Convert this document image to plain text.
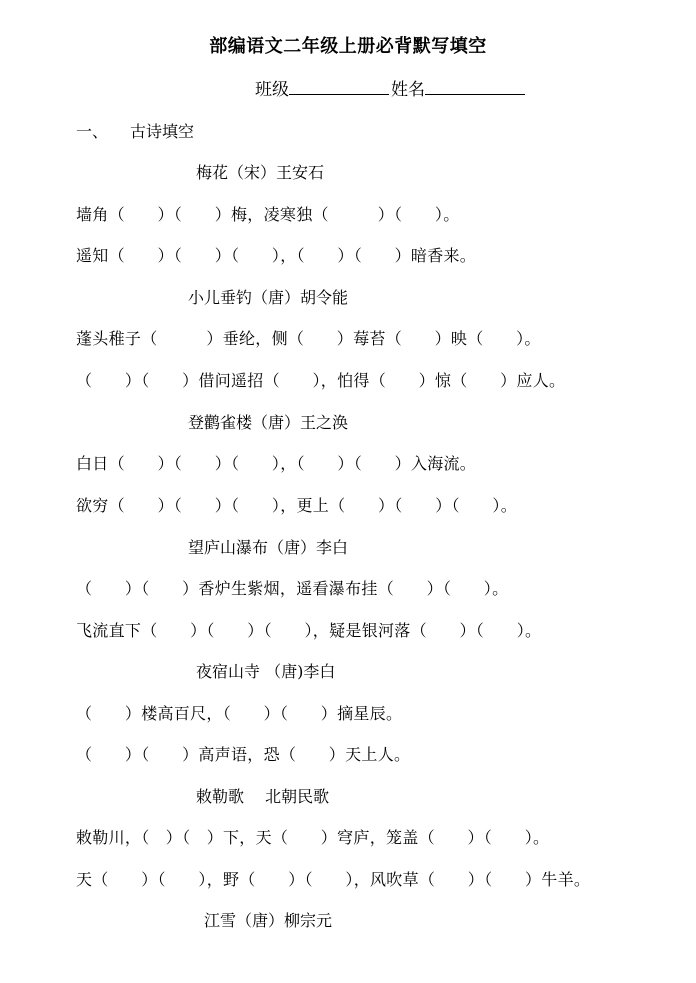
部编语文二年级上册必背默写填空
班级	姓名
一、 古诗填空
梅花（宋）王安石
墙角（　　）（　　）梅，凌寒独（　　　）（　　）。
遥知（　　）（　　）（　　），（　　）（　　）暗香来。
小儿垂钓（唐）胡令能
蓬头稚子（　　　）垂纶，侧（　　）莓苔（　　）映（　　）。
（　　）（　　）借问遥招（　　），怕得（　　）惊（　　）应人。
登鹳雀楼（唐）王之涣
白日（　　）（　　）（　　），（　　）（　　）入海流。
欲穷（　　）（　　）（　　），更上（　　）（　　）（　　）。
望庐山瀑布（唐）李白
（　　）（　　）香炉生紫烟，遥看瀑布挂（　　）（　　）。
飞流直下（　　）（　　）（　　），疑是银河落（　　）（　　）。
夜宿山寺 （唐)李白
（　　）楼高百尺，（　　）（　　）摘星辰。
（　　）（　　）高声语，恐（　　）天上人。
敕勒歌　 北朝民歌
敕勒川，（　）（　）下，天（　　）穹庐，笼盖（　　）（　　）。
天（　　）（　　），野（　　）（　　），风吹草（　　）（　　）牛羊。
江雪（唐）柳宗元
